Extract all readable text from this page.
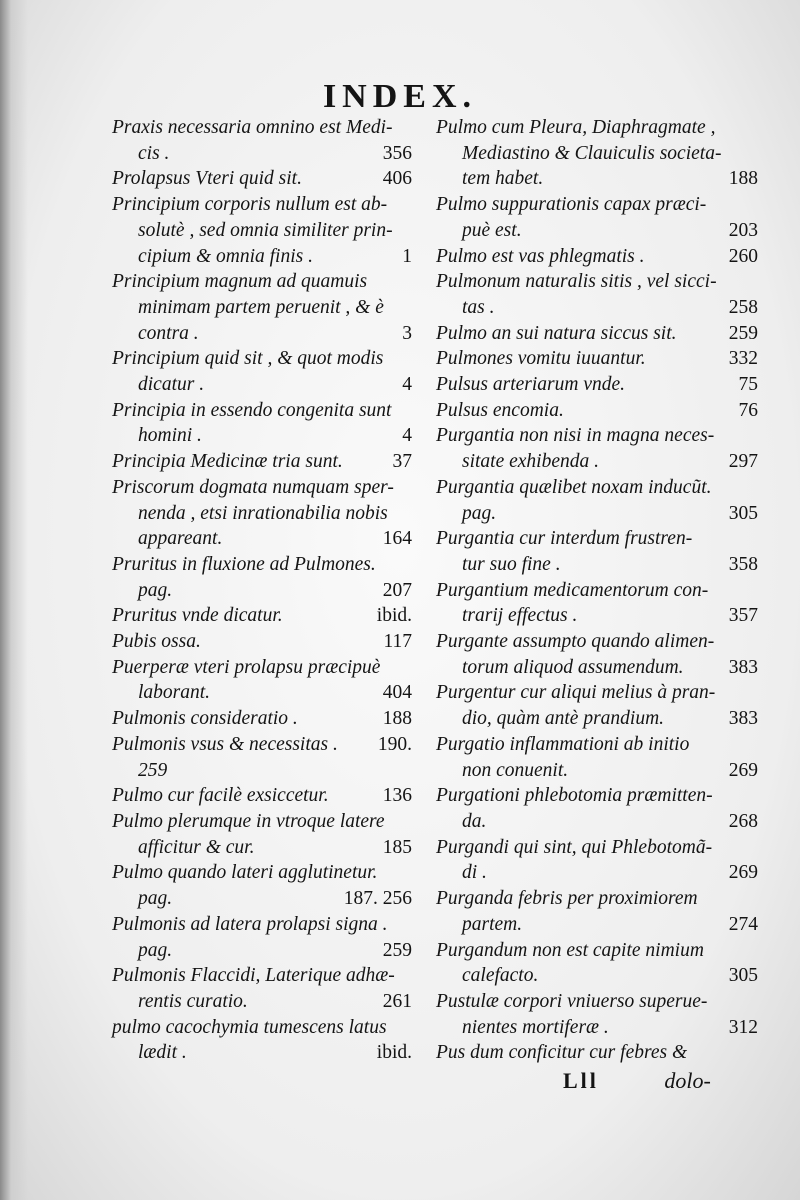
INDEX.
Praxis necessaria omnino est Medi-
cis .	356
Prolapsus Vteri quid sit.	406
Principium corporis nullum est ab-
solutè , sed omnia similiter prin-
cipium & omnia finis .	1
Principium magnum ad quamuis
minimam partem peruenit , & è
contra .	3
Principium quid sit , & quot modis
dicatur .	4
Principia in essendo congenita sunt
homini .	4
Principia Medicinæ tria sunt.	37
Priscorum dogmata numquam sper-
nenda , etsi inrationabilia nobis
appareant.	164
Pruritus in fluxione ad Pulmones.
pag.	207
Pruritus vnde dicatur.	ibid.
Pubis ossa.	117
Puerperæ vteri prolapsu præcipuè
laborant.	404
Pulmonis consideratio .	188
Pulmonis vsus & necessitas . 190.
259
Pulmo cur facilè exsiccetur.	136
Pulmo plerumque in vtroque latere
afficitur & cur.	185
Pulmo quando lateri agglutinetur.
pag.	187. 256
Pulmonis ad latera prolapsi signa .
pag.	259
Pulmonis Flaccidi, Laterique adhæ-
rentis curatio.	261
pulmo cacochymia tumescens latus
lædit .	ibid.
Pulmo cum Pleura, Diaphragmate ,
Mediastino & Clauiculis societa-
tem habet.	188
Pulmo suppurationis capax præci-
puè est.	203
Pulmo est vas phlegmatis .	260
Pulmonum naturalis sitis , vel sicci-
tas .	258
Pulmo an sui natura siccus sit.	259
Pulmones vomitu iuuantur.	332
Pulsus arteriarum vnde.	75
Pulsus encomia.	76
Purgantia non nisi in magna neces-
sitate exhibenda .	297
Purgantia quælibet noxam inducũt.
pag.	305
Purgantia cur interdum frustren-
tur suo fine .	358
Purgantium medicamentorum con-
trarij effectus .	357
Purgante assumpto quando alimen-
torum aliquod assumendum. 383
Purgentur cur aliqui melius à pran-
dio, quàm antè prandium.	383
Purgatio inflammationi ab initio
non conuenit.	269
Purgationi phlebotomia præmitten-
da.	268
Purgandi qui sint, qui Phlebotomã-
di .	269
Purganda febris per proximiorem
partem.	274
Purgandum non est capite nimium
calefacto.	305
Pustulæ corpori vniuerso superue-
nientes mortiferæ .	312
Pus dum conficitur cur febres &
Lll	dolo-
